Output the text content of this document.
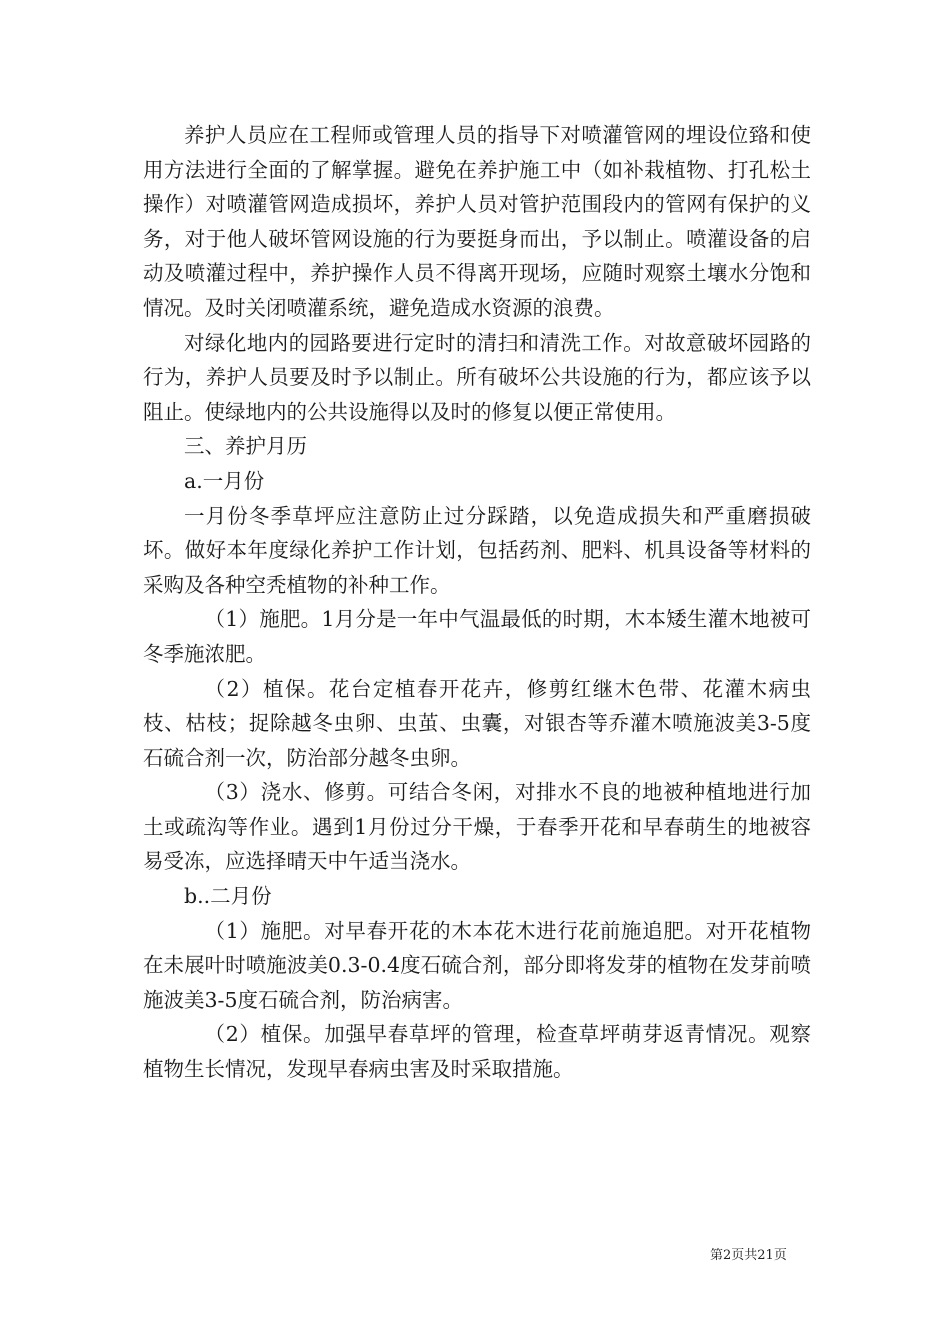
养护人员应在工程师或管理人员的指导下对喷灌管网的埋设位臵和使用方法进行全面的了解掌握。避免在养护施工中（如补栽植物、打孔松土操作）对喷灌管网造成损坏，养护人员对管护范围段内的管网有保护的义务，对于他人破坏管网设施的行为要挺身而出，予以制止。喷灌设备的启动及喷灌过程中，养护操作人员不得离开现场，应随时观察土壤水分饱和情况。及时关闭喷灌系统，避免造成水资源的浪费。

对绿化地内的园路要进行定时的清扫和清洗工作。对故意破坏园路的行为，养护人员要及时予以制止。所有破坏公共设施的行为，都应该予以阻止。使绿地内的公共设施得以及时的修复以便正常使用。

三、养护月历

a.一月份

一月份冬季草坪应注意防止过分踩踏，以免造成损失和严重磨损破坏。做好本年度绿化养护工作计划，包括药剂、肥料、机具设备等材料的采购及各种空秃植物的补种工作。

（1）施肥。1月分是一年中气温最低的时期，木本矮生灌木地被可冬季施浓肥。

（2）植保。花台定植春开花卉，修剪红继木色带、花灌木病虫枝、枯枝；捉除越冬虫卵、虫茧、虫囊，对银杏等乔灌木喷施波美3-5度石硫合剂一次，防治部分越冬虫卵。

（3）浇水、修剪。可结合冬闲，对排水不良的地被种植地进行加土或疏沟等作业。遇到1月份过分干燥，于春季开花和早春萌生的地被容易受冻，应选择晴天中午适当浇水。

b..二月份

（1）施肥。对早春开花的木本花木进行花前施追肥。对开花植物在未展叶时喷施波美0.3-0.4度石硫合剂，部分即将发芽的植物在发芽前喷施波美3-5度石硫合剂，防治病害。

（2）植保。加强早春草坪的管理，检查草坪萌芽返青情况。观察植物生长情况，发现早春病虫害及时采取措施。

第2页共21页
